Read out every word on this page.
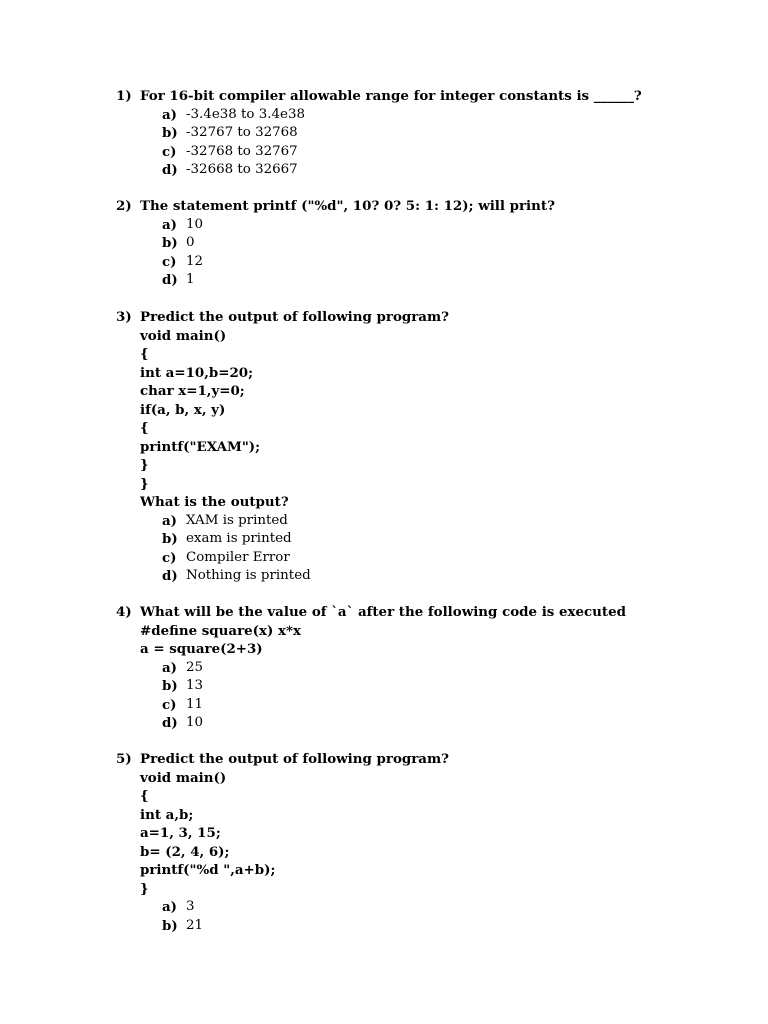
1) For 16-bit compiler allowable range for integer constants is ______?
a) -3.4e38 to 3.4e38
b) -32767 to 32768
c) -32768 to 32767
d) -32668 to 32667
2) The statement printf ("%d", 10? 0? 5: 1: 12); will print?
a) 10
b) 0
c) 12
d) 1
3) Predict the output of following program?
void main()
{
int a=10,b=20;
char x=1,y=0;
if(a, b, x, y)
{
printf("EXAM");
}
}
What is the output?
a) XAM is printed
b) exam is printed
c) Compiler Error
d) Nothing is printed
4) What will be the value of `a` after the following code is executed
#define square(x) x*x
a = square(2+3)
a) 25
b) 13
c) 11
d) 10
5) Predict the output of following program?
void main()
{
int a,b;
a=1, 3, 15;
b= (2, 4, 6);
printf("%d ",a+b);
}
a) 3
b) 21
